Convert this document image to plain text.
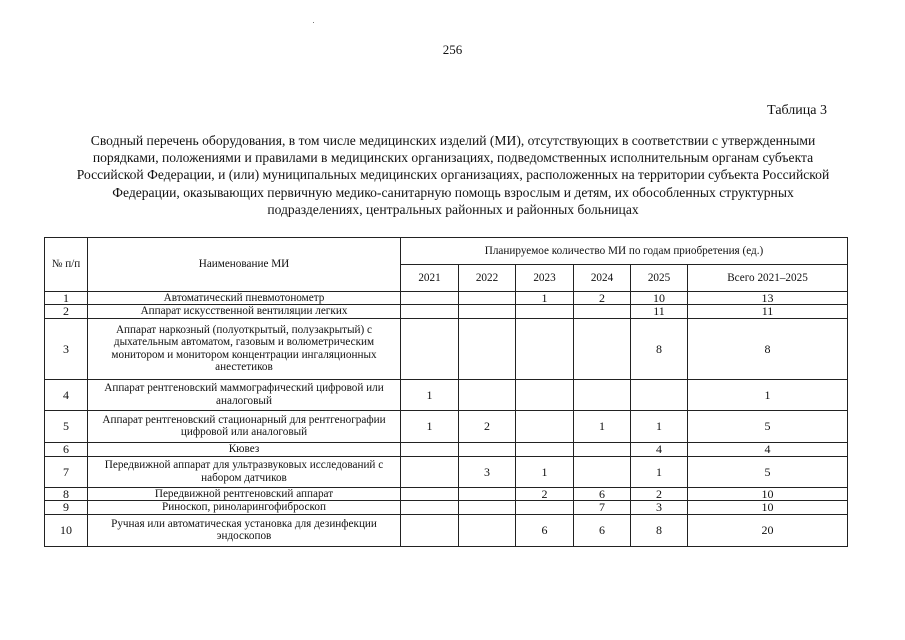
256
Таблица 3
Сводный перечень оборудования, в том числе медицинских изделий (МИ), отсутствующих в соответствии с утвержденными порядками, положениями и правилами в медицинских организациях, подведомственных исполнительным органам субъекта Российской Федерации, и (или) муниципальных медицинских организациях, расположенных на территории субъекта Российской Федерации, оказывающих первичную медико-санитарную помощь взрослым и детям, их обособленных структурных подразделениях, центральных районных и районных больницах
№ п/п	Наименование МИ	Планируемое количество МИ по годам приобретения (ед.)					
		2021	2022	2023	2024	2025	Всего 2021–2025
1	Автоматический пневмотонометр			1	2	10	13
2	Аппарат искусственной вентиляции легких					11	11
3	Аппарат наркозный (полуоткрытый, полузакрытый) с дыхательным автоматом, газовым и волюметрическим монитором и монитором концентрации ингаляционных анестетиков					8	8
4	Аппарат рентгеновский маммографический цифровой или аналоговый	1					1
5	Аппарат рентгеновский стационарный для рентгенографии цифровой или аналоговый	1	2		1	1	5
6	Кювез					4	4
7	Передвижной аппарат для ультразвуковых исследований с набором датчиков		3	1		1	5
8	Передвижной рентгеновский аппарат			2	6	2	10
9	Риноскоп, риноларингофиброскоп				7	3	10
10	Ручная или автоматическая установка для дезинфекции эндоскопов			6	6	8	20
